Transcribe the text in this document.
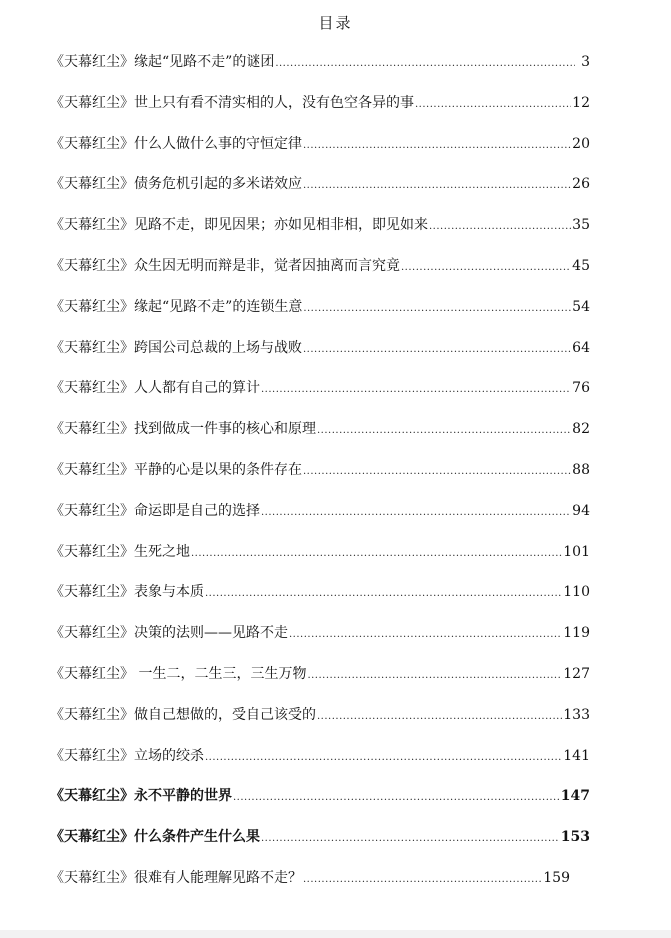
目录
《天幕红尘》缘起“见路不走”的谜团 .....	3
《天幕红尘》世上只有看不清实相的人，没有色空各异的事 .....	12
《天幕红尘》什么人做什么事的守恒定律 .....	20
《天幕红尘》债务危机引起的多米诺效应 .....	26
《天幕红尘》见路不走，即见因果；亦如见相非相，即见如来 .....	35
《天幕红尘》众生因无明而辩是非，觉者因抽离而言究竟 .....	45
《天幕红尘》缘起“见路不走”的连锁生意 .....	54
《天幕红尘》跨国公司总裁的上场与战败 .....	64
《天幕红尘》人人都有自己的算计 .....	76
《天幕红尘》找到做成一件事的核心和原理 .....	82
《天幕红尘》平静的心是以果的条件存在 .....	88
《天幕红尘》命运即是自己的选择 .....	94
《天幕红尘》生死之地 .....	101
《天幕红尘》表象与本质 .....	110
《天幕红尘》决策的法则——见路不走 .....	119
《天幕红尘》 一生二，二生三，三生万物 .....	127
《天幕红尘》做自己想做的，受自己该受的 .....	133
《天幕红尘》立场的绞杀 .....	141
《天幕红尘》永不平静的世界 .....	147
《天幕红尘》什么条件产生什么果 .....	153
《天幕红尘》很难有人能理解见路不走？ .....	159
